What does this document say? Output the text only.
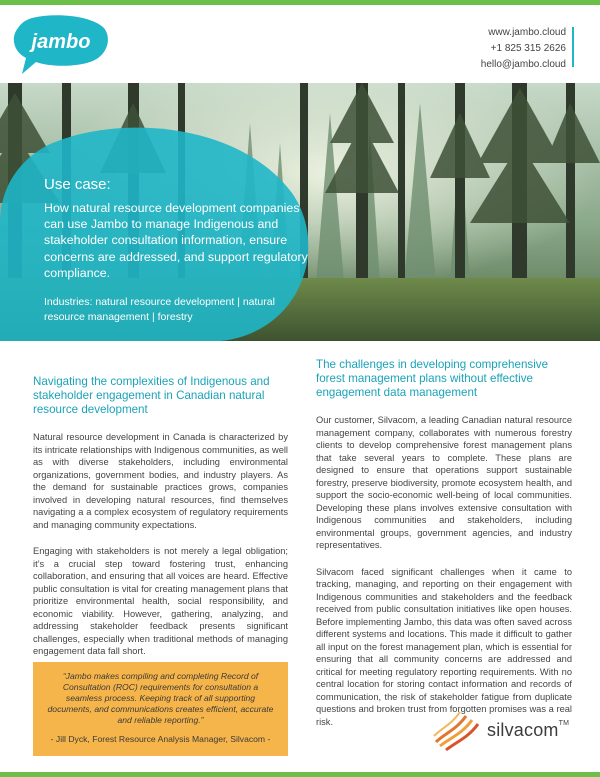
jambo	www.jambo.cloud
+1 825 315 2626
hello@jambo.cloud
Use case:

How natural resource development companies can use Jambo to manage Indigenous and stakeholder consultation information, ensure concerns are addressed, and support regulatory compliance.

Industries: natural resource development | natural resource management | forestry
Navigating the complexities of Indigenous and stakeholder engagement in Canadian natural resource development

Natural resource development in Canada is characterized by its intricate relationships with Indigenous communities, as well as with diverse stakeholders, including environmental organizations, government bodies, and industry players. As the demand for sustainable practices grows, companies involved in developing natural resources, find themselves navigating a a complex ecosystem of regulatory requirements and managing community expectations.

Engaging with stakeholders is not merely a legal obligation; it’s a crucial step toward fostering trust, enhancing collaboration, and ensuring that all voices are heard. Effective public consultation is vital for creating management plans that prioritize environmental health, social responsibility, and economic viability. However, gathering, analyzing, and addressing stakeholder feedback presents significant challenges, especially when traditional methods of managing engagement data fall short.

“Jambo makes compiling and completing Record of Consultation (ROC) requirements for consultation a seamless process. Keeping track of all supporting documents, and communications creates efficient, accurate and reliable reporting.”

- Jill Dyck, Forest Resource Analysis Manager, Silvacom -
The challenges in developing comprehensive forest management plans without effective engagement data management

Our customer, Silvacom, a leading Canadian natural resource management company, collaborates with numerous forestry clients to develop comprehensive forest management plans that take several years to complete. These plans are designed to ensure that operations support sustainable forestry, preserve biodiversity, promote ecosystem health, and support the socio-economic well-being of local communities. Developing these plans involves extensive consultation with Indigenous communities and stakeholders, including environmental groups, government agencies, and industry representatives.

Silvacom faced significant challenges when it came to tracking, managing, and reporting on their engagement with Indigenous communities and stakeholders and the feedback received from public consultation initiatives like open houses. Before implementing Jambo, this data was often saved across different systems and locations. This made it difficult to gather all input on the forest management plan, which is essential for ensuring that all community concerns are addressed and critical for meeting regulatory reporting requirements. With no central location for storing contact information and records of communication, the risk of stakeholder fatigue from duplicate questions and broken trust from forgotten promises was a real risk.	silvacom™
